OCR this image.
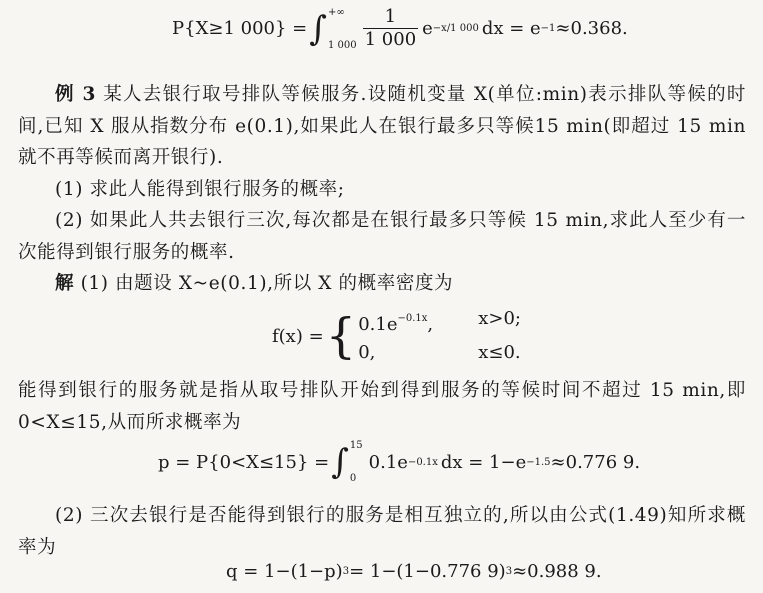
P{X≥1 000} = ∫ +∞
1 $000 \frac{1}{1 000}$ e −x/1 000 dx = e −1 ≈0.368.

例 3 某人去银行取号排队等候服务.设随机变量 X(单位:min)表示排队等候的时间,已知 X 服从指数分布 e(0.1),如果此人在银行最多只等候15 min(即超过 15 min 就不再等候而离开银行).

(1) 求此人能得到银行服务的概率;

(2) 如果此人共去银行三次,每次都是在银行最多只等候 15 min,求此人至少有一次能得到银行服务的概率.

解 (1) 由题设 X~e(0.1),所以 X 的概率密度为

f(x) = { $0.1e^{-0.1x}$,	x>0;
0,	x≤0.

能得到银行的服务就是指从取号排队开始到得到服务的等候时间不超过 15 min,即 0<X≤15,从而所求概率为

p = P{0<X≤15} = ∫ 15
0
0.1e −0.1x dx = 1−e −1.5 ≈0.776 9.

(2) 三次去银行是否能得到银行的服务是相互独立的,所以由公式(1.49)知所求概率为

q = 1−(1−p) 3 = 1−(1−0.776 9) 3 ≈0.988 9.
